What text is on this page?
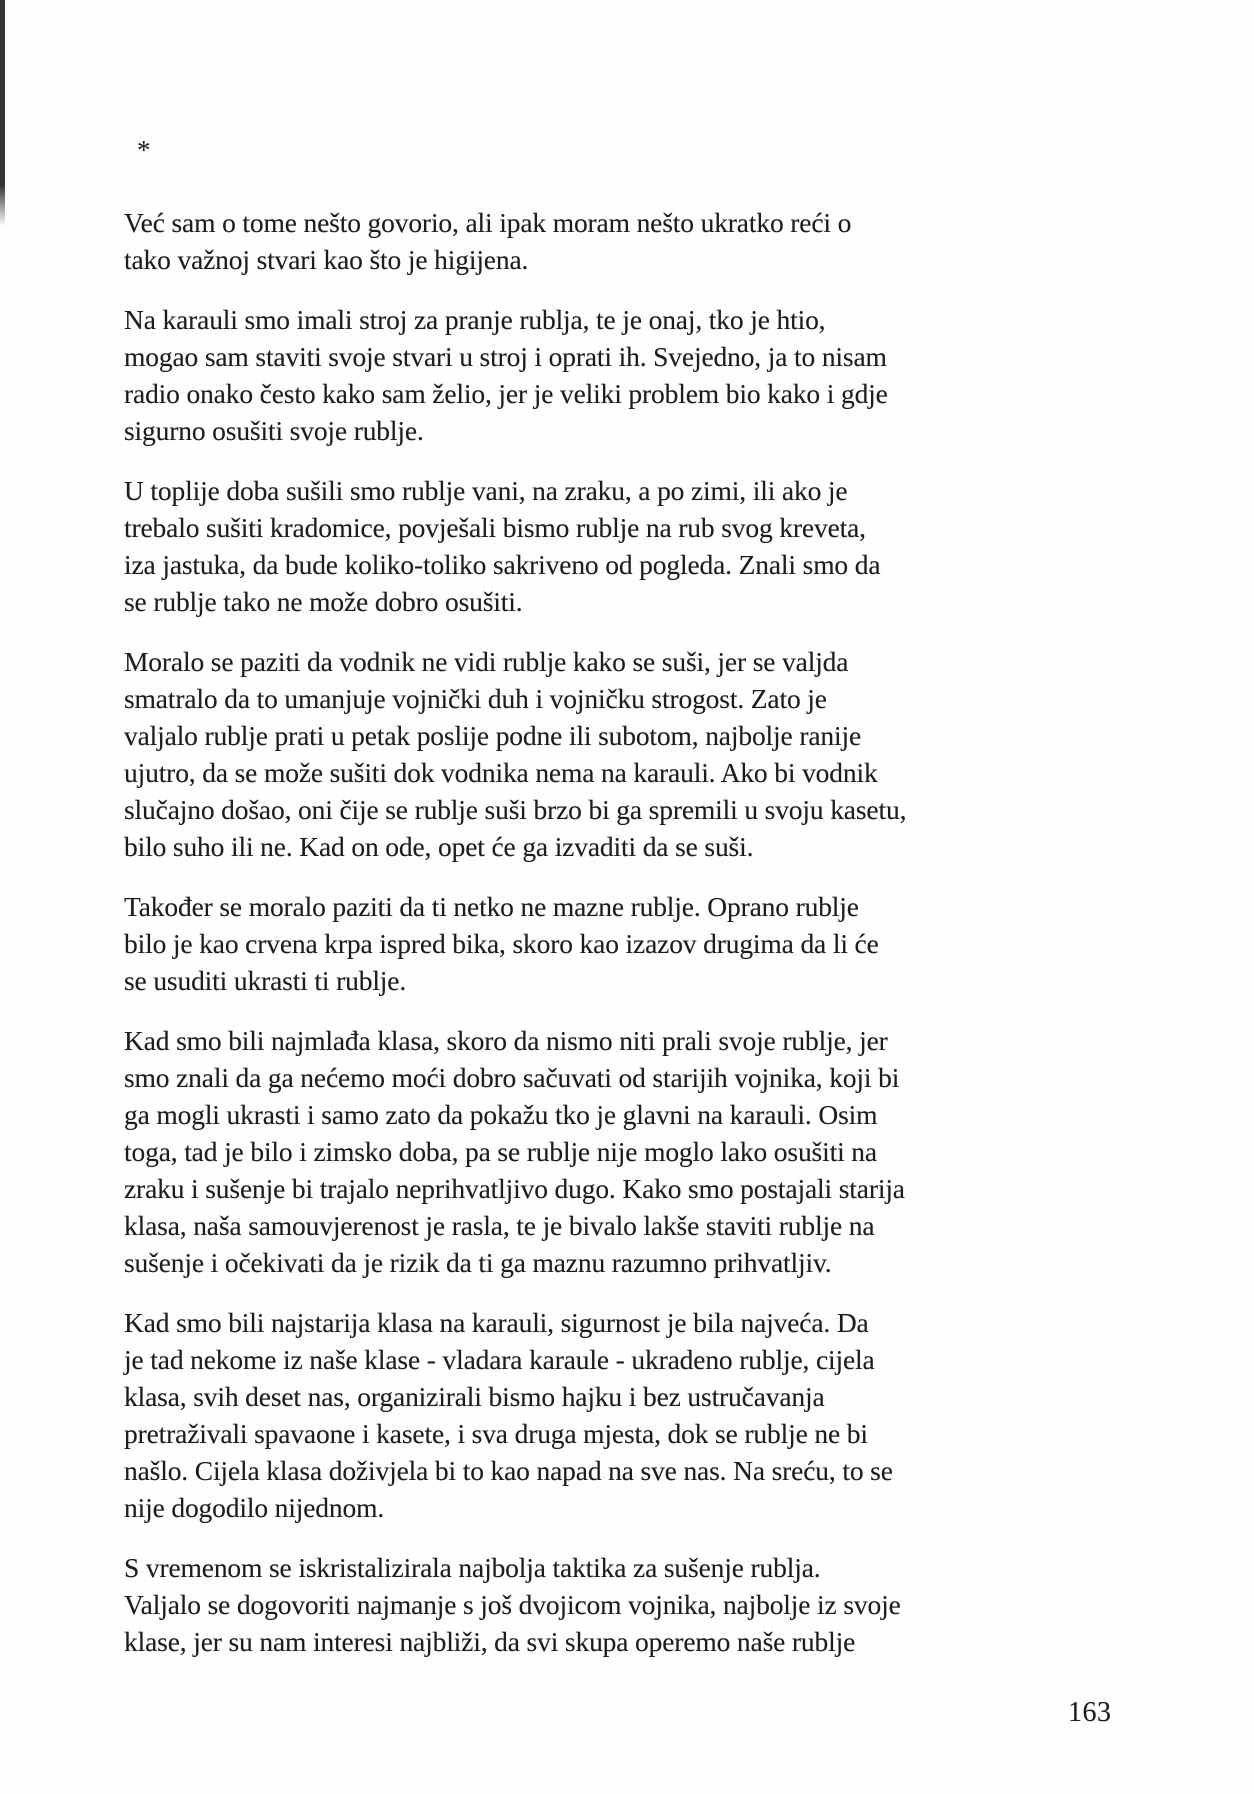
*
Već sam o tome nešto govorio, ali ipak moram nešto ukratko reći o
tako važnoj stvari kao što je higijena.
Na karauli smo imali stroj za pranje rublja, te je onaj, tko je htio,
mogao sam staviti svoje stvari u stroj i oprati ih. Svejedno, ja to nisam
radio onako često kako sam želio, jer je veliki problem bio kako i gdje
sigurno osušiti svoje rublje.
U toplije doba sušili smo rublje vani, na zraku, a po zimi, ili ako je
trebalo sušiti kradomice, povješali bismo rublje na rub svog kreveta,
iza jastuka, da bude koliko-toliko sakriveno od pogleda. Znali smo da
se rublje tako ne može dobro osušiti.
Moralo se paziti da vodnik ne vidi rublje kako se suši, jer se valjda
smatralo da to umanjuje vojnički duh i vojničku strogost. Zato je
valjalo rublje prati u petak poslije podne ili subotom, najbolje ranije
ujutro, da se može sušiti dok vodnika nema na karauli. Ako bi vodnik
slučajno došao, oni čije se rublje suši brzo bi ga spremili u svoju kasetu,
bilo suho ili ne. Kad on ode, opet će ga izvaditi da se suši.
Također se moralo paziti da ti netko ne mazne rublje. Oprano rublje
bilo je kao crvena krpa ispred bika, skoro kao izazov drugima da li će
se usuditi ukrasti ti rublje.
Kad smo bili najmlađa klasa, skoro da nismo niti prali svoje rublje, jer
smo znali da ga nećemo moći dobro sačuvati od starijih vojnika, koji bi
ga mogli ukrasti i samo zato da pokažu tko je glavni na karauli. Osim
toga, tad je bilo i zimsko doba, pa se rublje nije moglo lako osušiti na
zraku i sušenje bi trajalo neprihvatljivo dugo. Kako smo postajali starija
klasa, naša samouvjerenost je rasla, te je bivalo lakše staviti rublje na
sušenje i očekivati da je rizik da ti ga maznu razumno prihvatljiv.
Kad smo bili najstarija klasa na karauli, sigurnost je bila najveća. Da
je tad nekome iz naše klase - vladara karaule - ukradeno rublje, cijela
klasa, svih deset nas, organizirali bismo hajku i bez ustručavanja
pretraživali spavaone i kasete, i sva druga mjesta, dok se rublje ne bi
našlo. Cijela klasa doživjela bi to kao napad na sve nas. Na sreću, to se
nije dogodilo nijednom.
S vremenom se iskristalizirala najbolja taktika za sušenje rublja.
Valjalo se dogovoriti najmanje s još dvojicom vojnika, najbolje iz svoje
klase, jer su nam interesi najbliži, da svi skupa operemo naše rublje
163
